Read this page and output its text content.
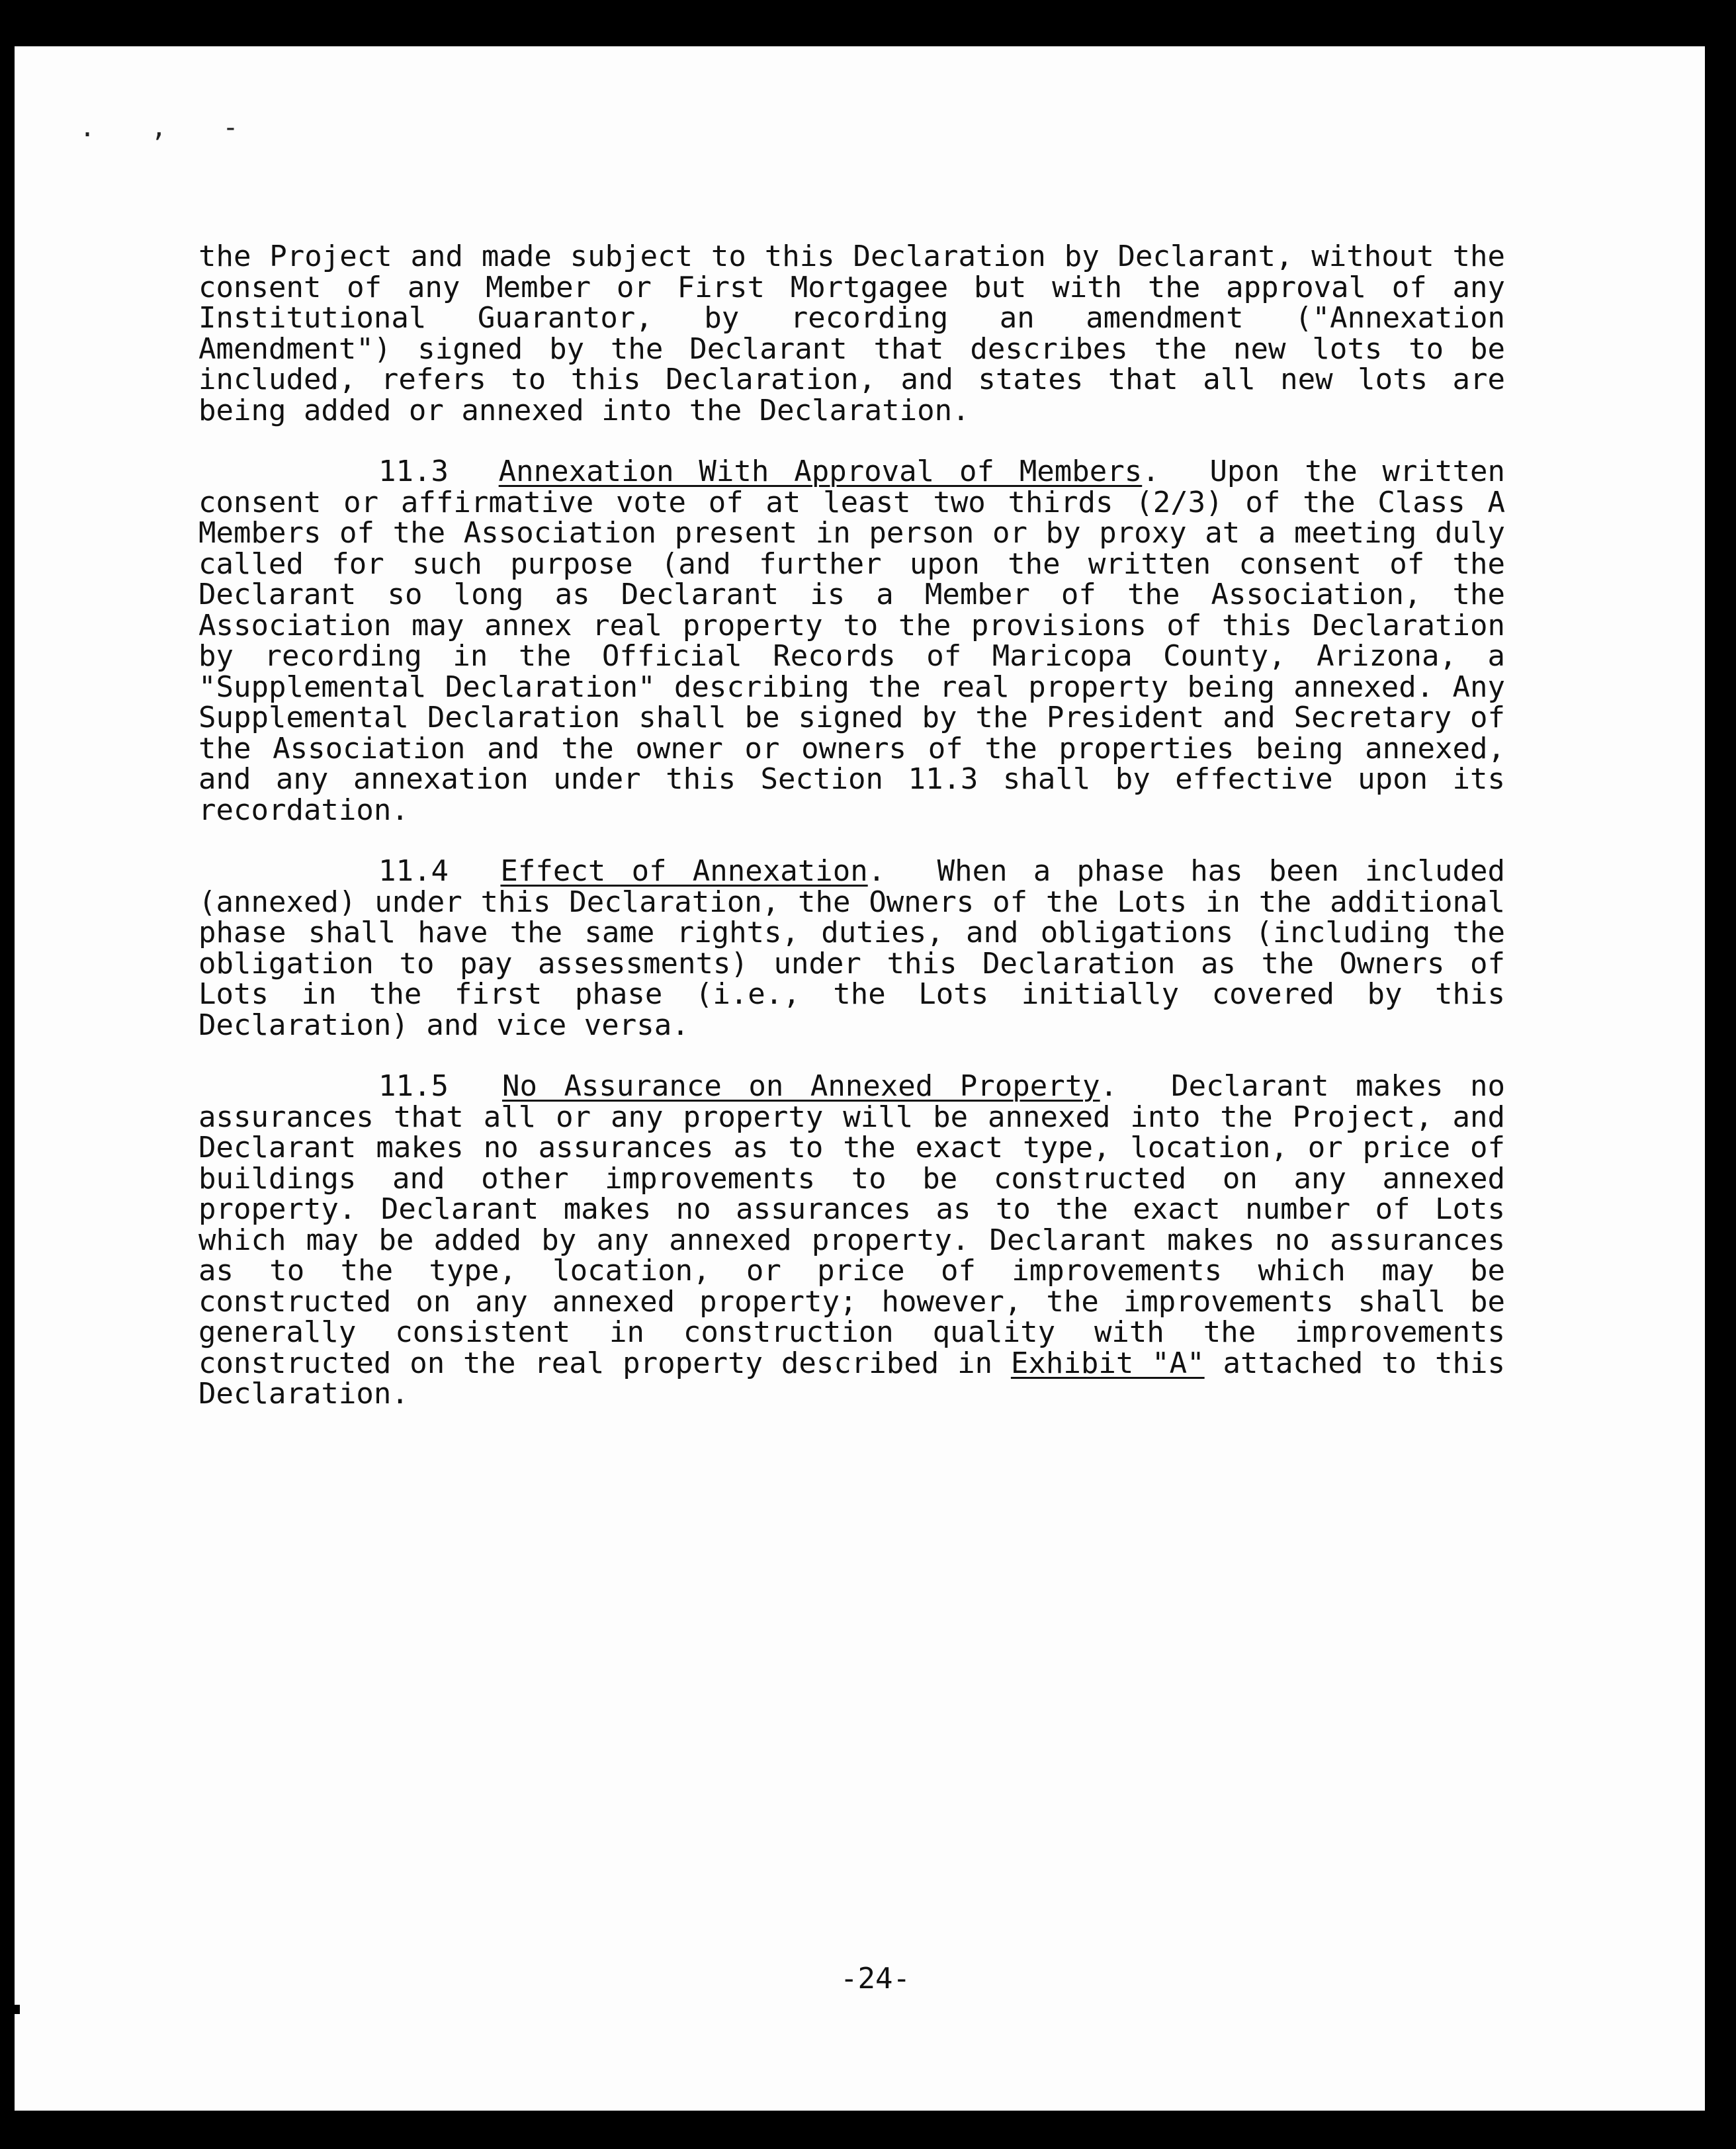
. , -

the Project and made subject to this Declaration by Declarant, without the consent of any Member or First Mortgagee but with the approval of any Institutional Guarantor, by recording an amendment ("Annexation Amendment") signed by the Declarant that describes the new lots to be included, refers to this Declaration, and states that all new lots are being added or annexed into the Declaration.

11.3 Annexation With Approval of Members.  Upon the written consent or affirmative vote of at least two thirds (2/3) of the Class A Members of the Association present in person or by proxy at a meeting duly called for such purpose (and further upon the written consent of the Declarant so long as Declarant is a Member of the Association, the Association may annex real property to the provisions of this Declaration by recording in the Official Records of Maricopa County, Arizona, a "Supplemental Declaration" describing the real property being annexed. Any Supplemental Declaration shall be signed by the President and Secretary of the Association and the owner or owners of the properties being annexed, and any annexation under this Section 11.3 shall by effective upon its recordation.

11.4 Effect of Annexation.  When a phase has been included (annexed) under this Declaration, the Owners of the Lots in the additional phase shall have the same rights, duties, and obligations (including the obligation to pay assessments) under this Declaration as the Owners of Lots in the first phase (i.e., the Lots initially covered by this Declaration) and vice versa.

11.5 No Assurance on Annexed Property.  Declarant makes no assurances that all or any property will be annexed into the Project, and Declarant makes no assurances as to the exact type, location, or price of buildings and other improvements to be constructed on any annexed property. Declarant makes no assurances as to the exact number of Lots which may be added by any annexed property. Declarant makes no assurances as to the type, location, or price of improvements which may be constructed on any annexed property; however, the improvements shall be generally consistent in construction quality with the improvements constructed on the real property described in Exhibit "A" attached to this Declaration.

-24-
